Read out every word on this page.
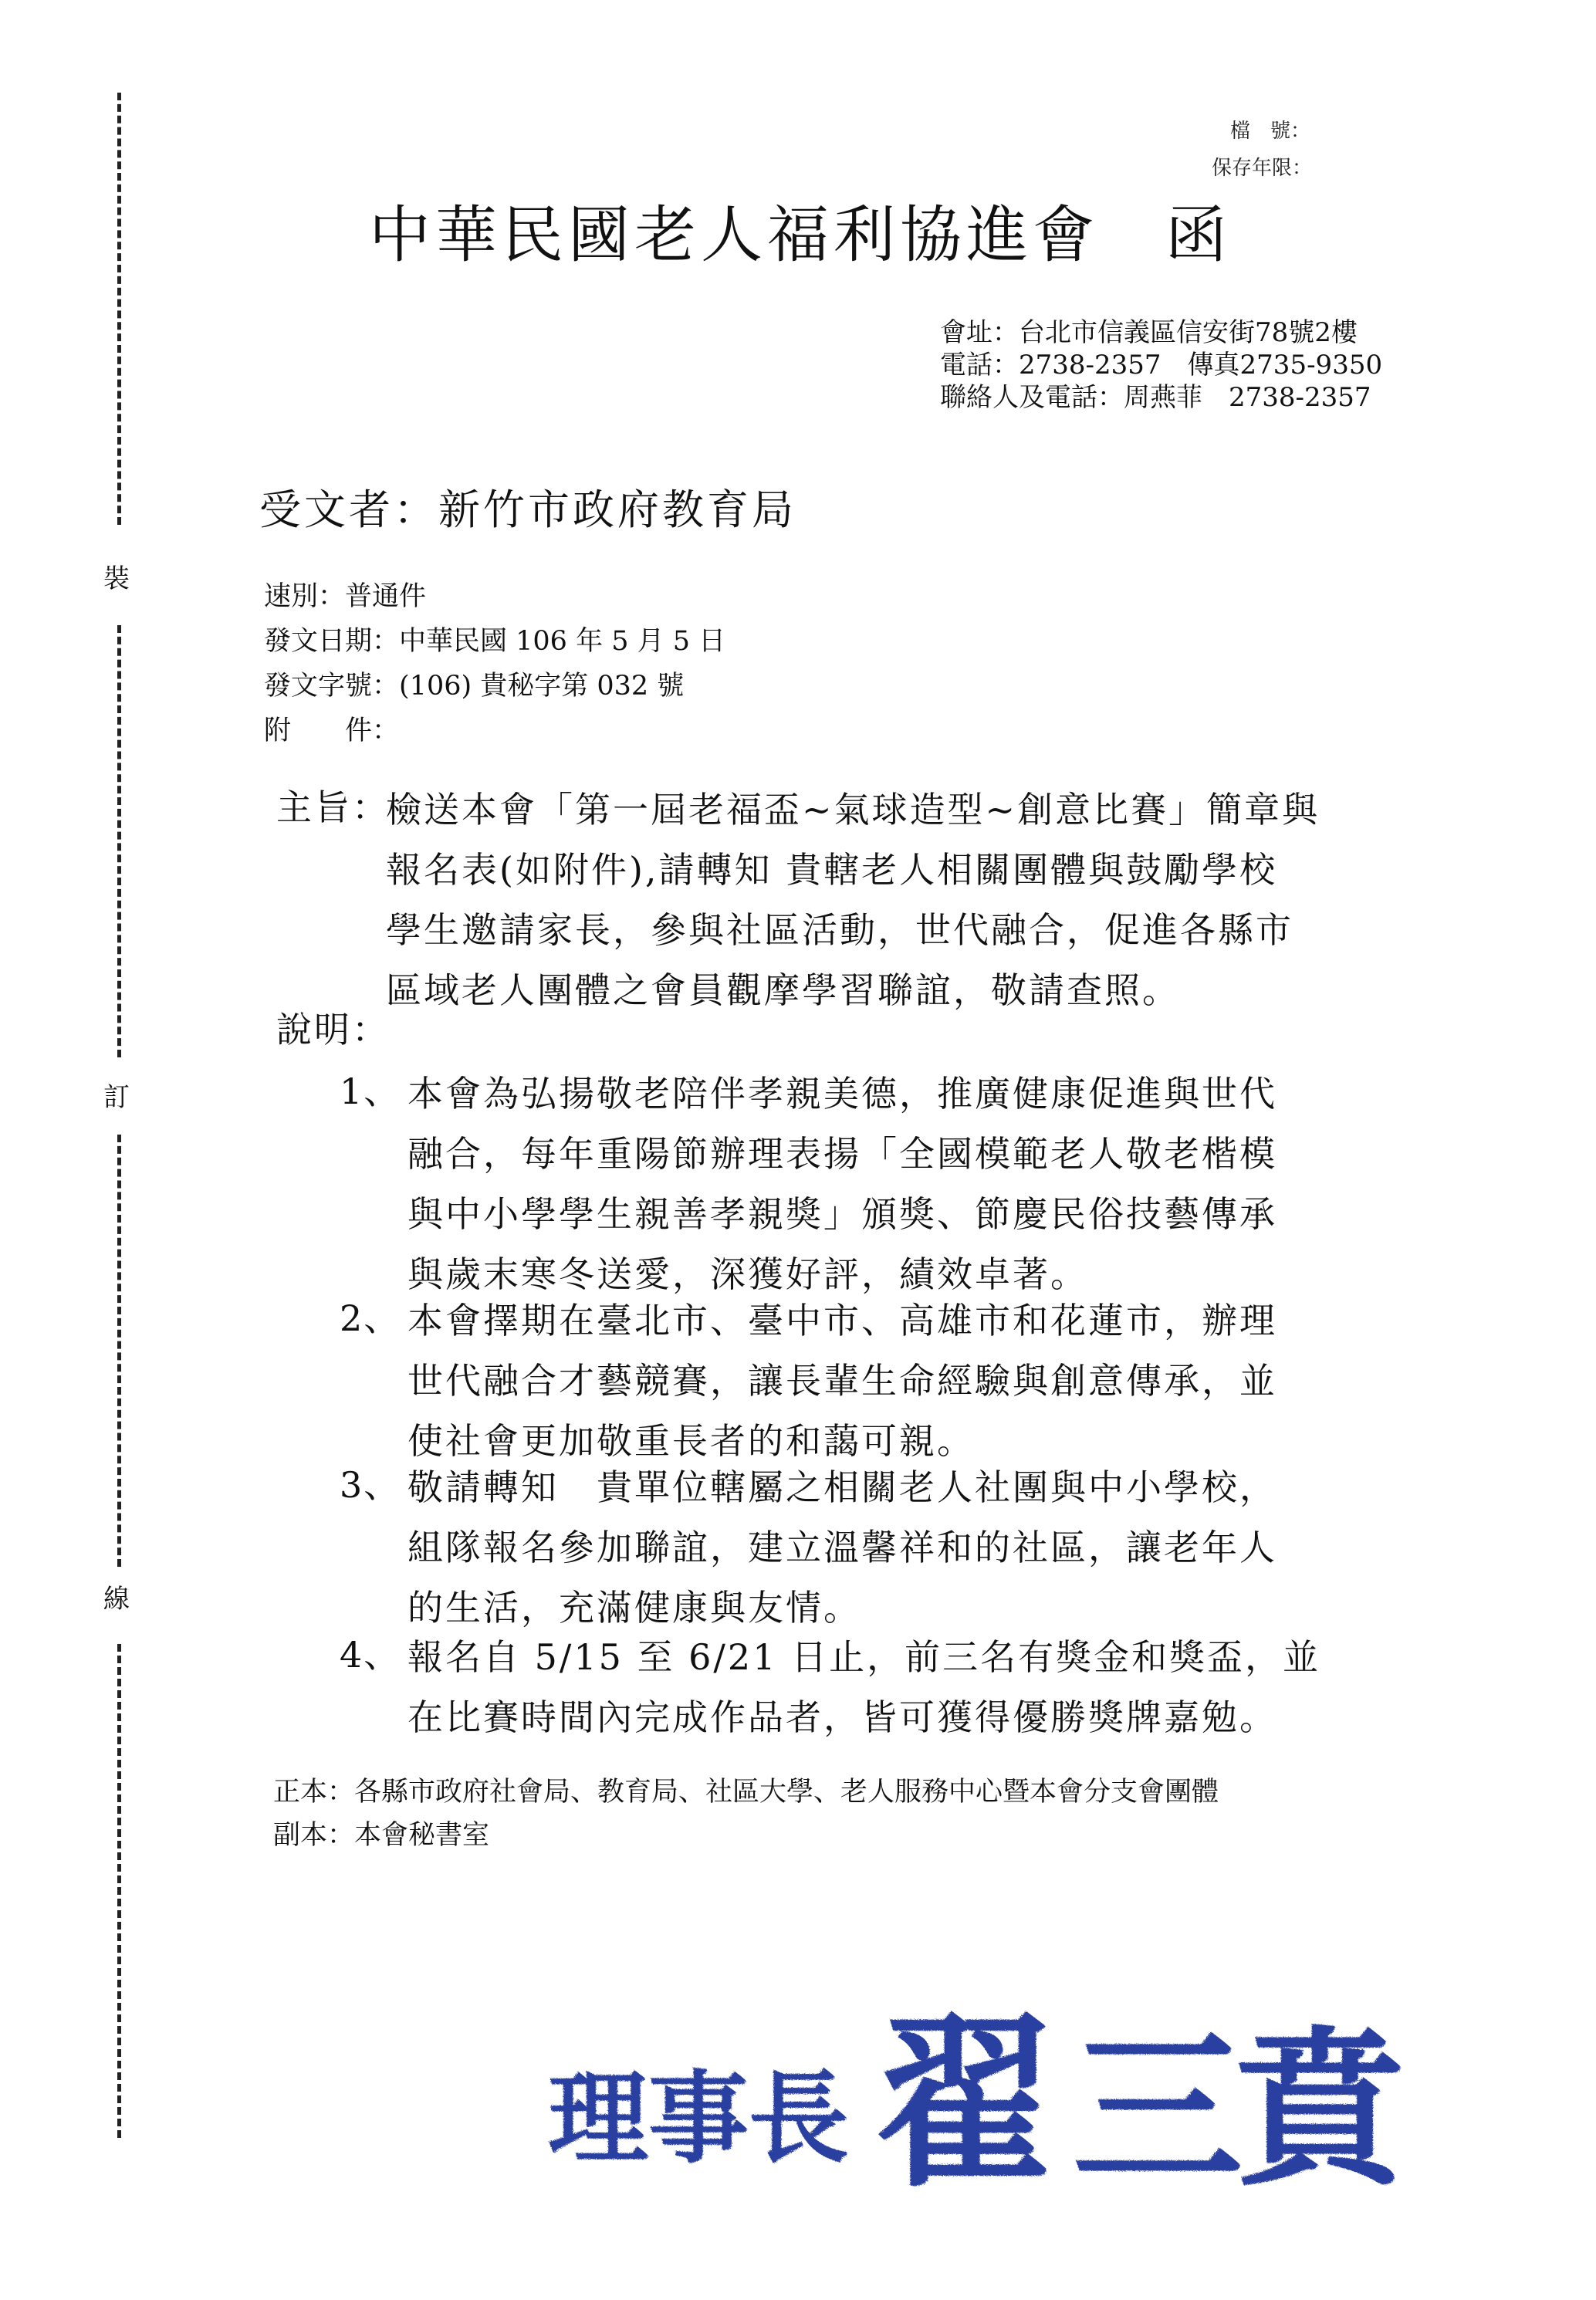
裝
訂
線
檔　號：
保存年限：
中華民國老人福利協進會　函
會址：台北市信義區信安街78號2樓
電話：2738-2357　傳真2735-9350
聯絡人及電話：周燕菲　2738-2357
受文者：新竹市政府教育局
速別：普通件
發文日期：中華民國 106 年 5 月 5 日
發文字號：(106) 貴秘字第 032 號
附　　件：
主旨：
檢送本會「第一屆老福盃~氣球造型~創意比賽」簡章與
報名表(如附件),請轉知 貴轄老人相關團體與鼓勵學校
學生邀請家長，參與社區活動，世代融合，促進各縣市
區域老人團體之會員觀摩學習聯誼，敬請查照。
說明：
1、 本會為弘揚敬老陪伴孝親美德，推廣健康促進與世代
融合，每年重陽節辦理表揚「全國模範老人敬老楷模
與中小學學生親善孝親獎」頒獎、節慶民俗技藝傳承
與歲末寒冬送愛，深獲好評，績效卓著。
2、 本會擇期在臺北市、臺中市、高雄市和花蓮市，辦理
世代融合才藝競賽，讓長輩生命經驗與創意傳承，並
使社會更加敬重長者的和藹可親。
3、 敬請轉知　貴單位轄屬之相關老人社團與中小學校，
組隊報名參加聯誼，建立溫馨祥和的社區，讓老年人
的生活，充滿健康與友情。
4、 報名自 5/15 至 6/21 日止，前三名有獎金和獎盃，並
在比賽時間內完成作品者，皆可獲得優勝獎牌嘉勉。
正本：各縣市政府社會局、教育局、社區大學、老人服務中心暨本會分支會團體
副本：本會秘書室
理 事 長 翟 三
賁
